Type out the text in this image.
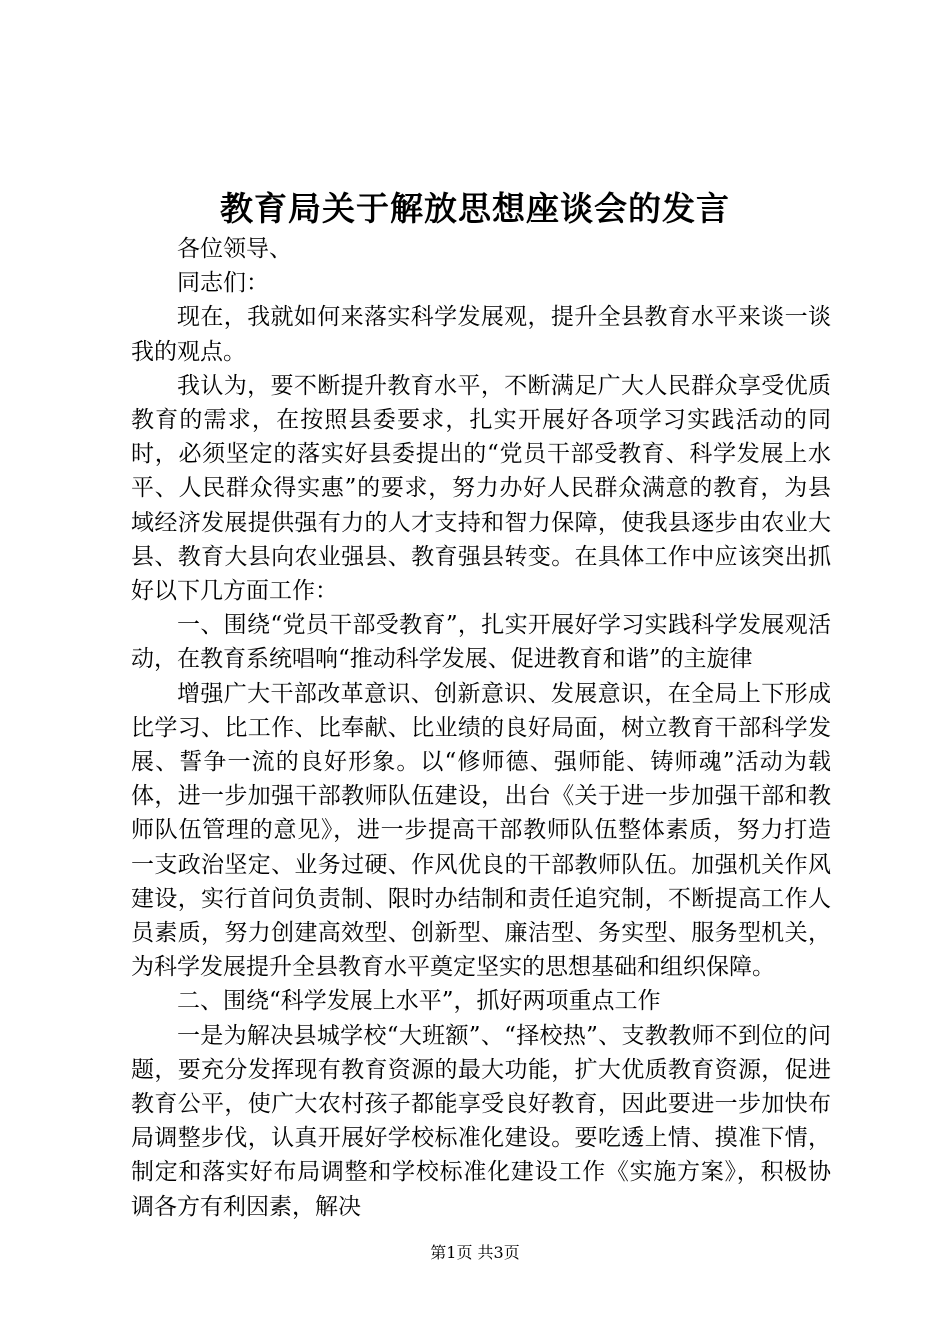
教育局关于解放思想座谈会的发言

各位领导、

同志们：

现在，我就如何来落实科学发展观，提升全县教育水平来谈一谈我的观点。

我认为，要不断提升教育水平，不断满足广大人民群众享受优质教育的需求，在按照县委要求，扎实开展好各项学习实践活动的同时，必须坚定的落实好县委提出的“党员干部受教育、科学发展上水平、人民群众得实惠”的要求，努力办好人民群众满意的教育，为县域经济发展提供强有力的人才支持和智力保障，使我县逐步由农业大县、教育大县向农业强县、教育强县转变。在具体工作中应该突出抓好以下几方面工作：

一、围绕“党员干部受教育”，扎实开展好学习实践科学发展观活动，在教育系统唱响“推动科学发展、促进教育和谐”的主旋律

增强广大干部改革意识、创新意识、发展意识，在全局上下形成比学习、比工作、比奉献、比业绩的良好局面，树立教育干部科学发展、誓争一流的良好形象。以“修师德、强师能、铸师魂”活动为载体，进一步加强干部教师队伍建设，出台《关于进一步加强干部和教师队伍管理的意见》，进一步提高干部教师队伍整体素质，努力打造一支政治坚定、业务过硬、作风优良的干部教师队伍。加强机关作风建设，实行首问负责制、限时办结制和责任追究制，不断提高工作人员素质，努力创建高效型、创新型、廉洁型、务实型、服务型机关，为科学发展提升全县教育水平奠定坚实的思想基础和组织保障。

二、围绕“科学发展上水平”，抓好两项重点工作

一是为解决县城学校“大班额”、“择校热”、支教教师不到位的问题，要充分发挥现有教育资源的最大功能，扩大优质教育资源，促进教育公平，使广大农村孩子都能享受良好教育，因此要进一步加快布局调整步伐，认真开展好学校标准化建设。要吃透上情、摸准下情，制定和落实好布局调整和学校标准化建设工作《实施方案》，积极协调各方有利因素，解决

第1页 共3页
